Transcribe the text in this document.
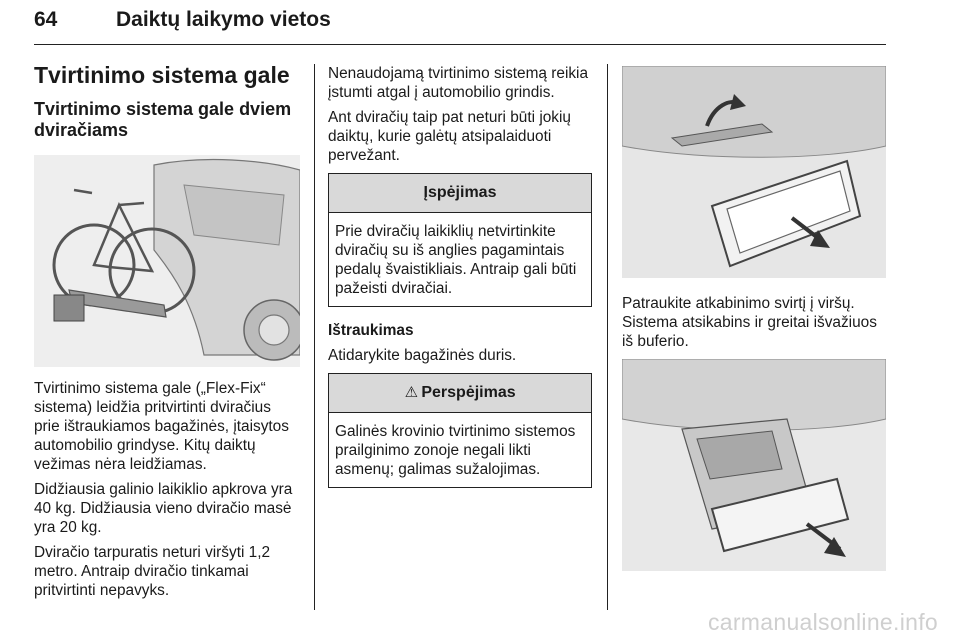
64	Daiktų laikymo vietos
Tvirtinimo sistema gale
Tvirtinimo sistema gale dviem dviračiams

Tvirtinimo sistema gale („Flex-Fix“ sistema) leidžia pritvirtinti dviračius prie ištraukiamos bagažinės, įtaisytos automobilio grindyse. Kitų daiktų vežimas nėra leidžiamas.

Didžiausia galinio laikiklio apkrova yra 40 kg. Didžiausia vieno dviračio masė yra 20 kg.

Dviračio tarpuratis neturi viršyti 1,2 metro. Antraip dviračio tinkamai pritvirtinti nepavyks.

Nenaudojamą tvirtinimo sistemą reikia įstumti atgal į automobilio grindis.

Ant dviračių taip pat neturi būti jokių daiktų, kurie galėtų atsipalaiduoti pervežant.

Įspėjimas
Prie dviračių laikiklių netvirtinkite dviračių su iš anglies pagamintais pedalų švaistikliais. Antraip gali būti pažeisti dviračiai.

Ištraukimas

Atidarykite bagažinės duris.

⚠ Perspėjimas
Galinės krovinio tvirtinimo sistemos prailginimo zonoje negali likti asmenų; galimas sužalojimas.

Patraukite atkabinimo svirtį į viršų. Sistema atsikabins ir greitai išvažiuos iš buferio.

carmanualsonline.info
